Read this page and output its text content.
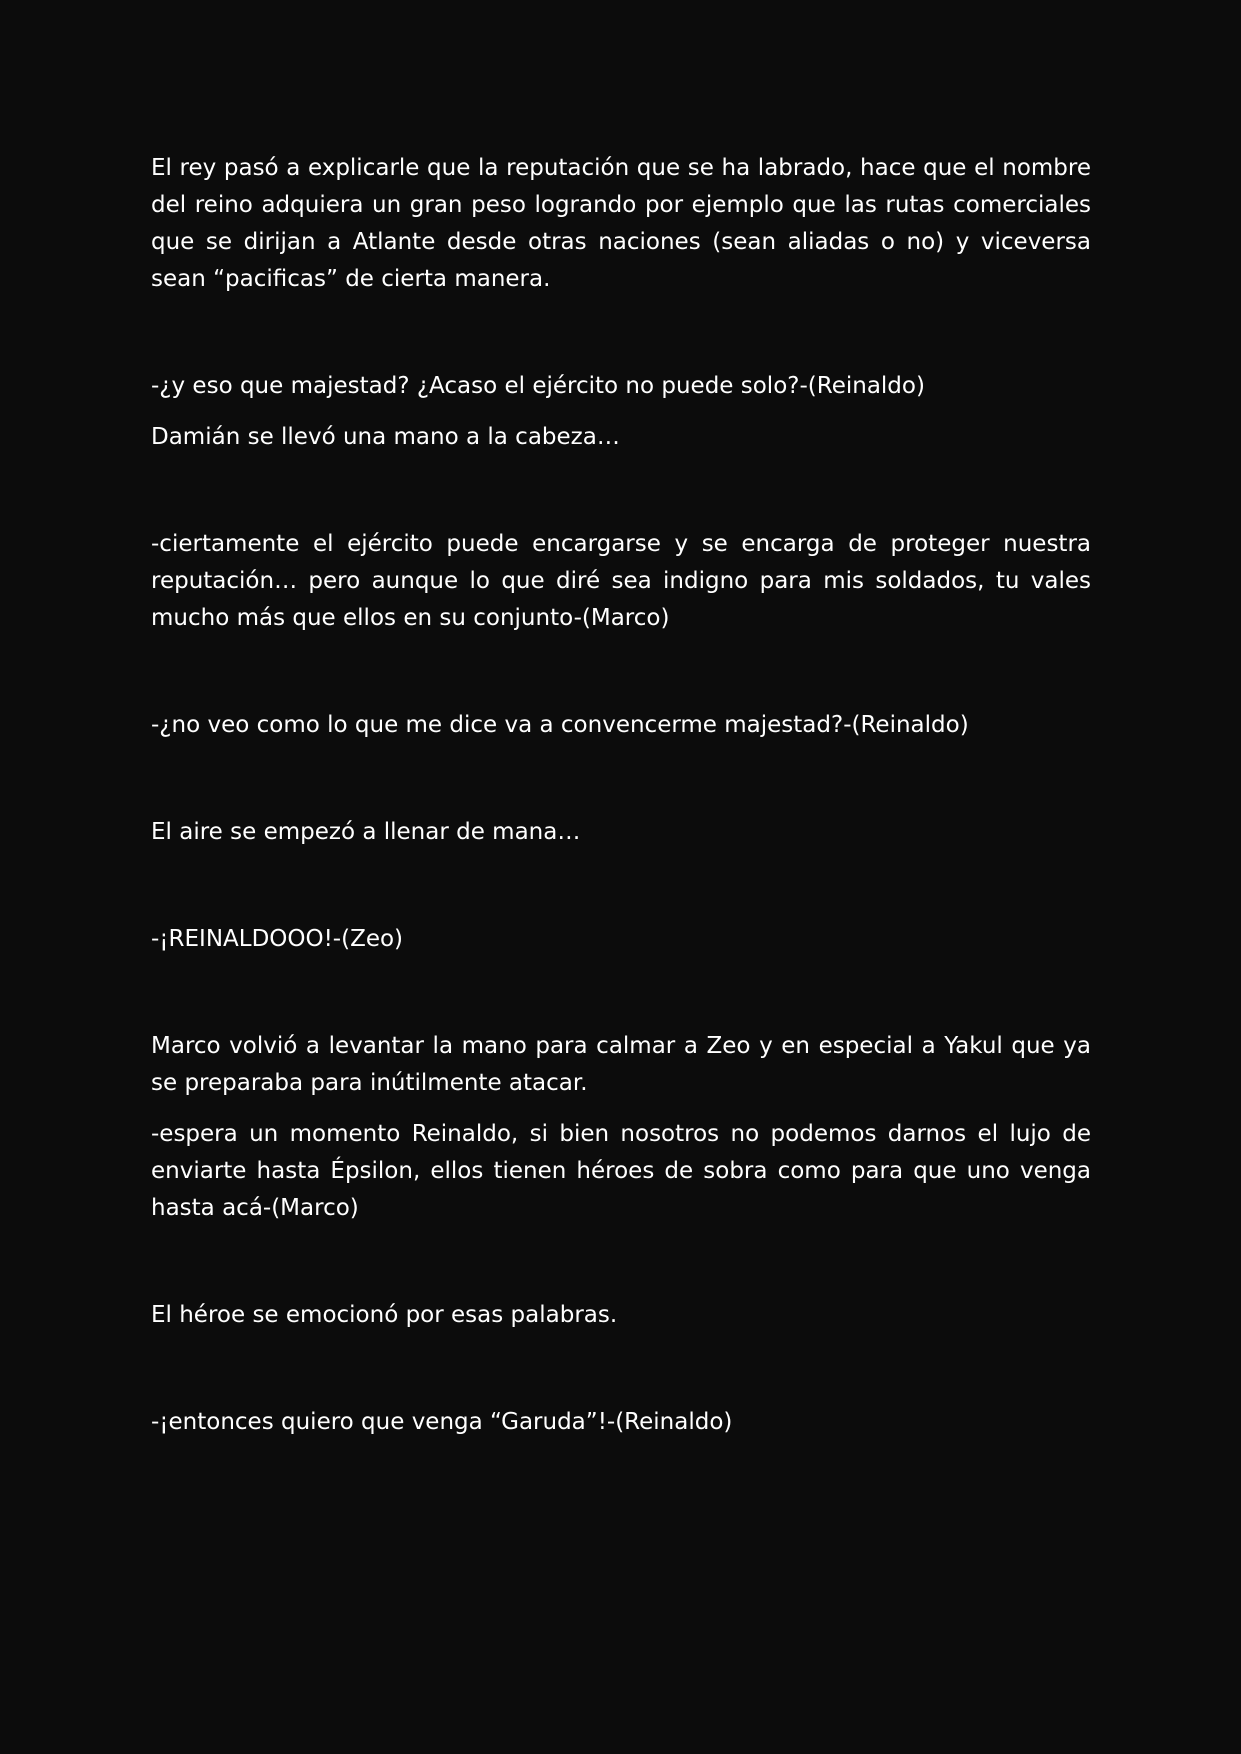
El rey pasó a explicarle que la reputación que se ha labrado, hace que el nombre del reino adquiera un gran peso logrando por ejemplo que las rutas comerciales que se dirijan a Atlante desde otras naciones (sean aliadas o no) y viceversa sean “pacificas” de cierta manera.

-¿y eso que majestad? ¿Acaso el ejército no puede solo?-(Reinaldo)

Damián se llevó una mano a la cabeza…

-ciertamente el ejército puede encargarse y se encarga de proteger nuestra reputación… pero aunque lo que diré sea indigno para mis soldados, tu vales mucho más que ellos en su conjunto-(Marco)

-¿no veo como lo que me dice va a convencerme majestad?-(Reinaldo)

El aire se empezó a llenar de mana…

-¡REINALDOOO!-(Zeo)

Marco volvió a levantar la mano para calmar a Zeo y en especial a Yakul que ya se preparaba para inútilmente atacar.

-espera un momento Reinaldo, si bien nosotros no podemos darnos el lujo de enviarte hasta Épsilon, ellos tienen héroes de sobra como para que uno venga hasta acá-(Marco)

El héroe se emocionó por esas palabras.

-¡entonces quiero que venga “Garuda”!-(Reinaldo)
